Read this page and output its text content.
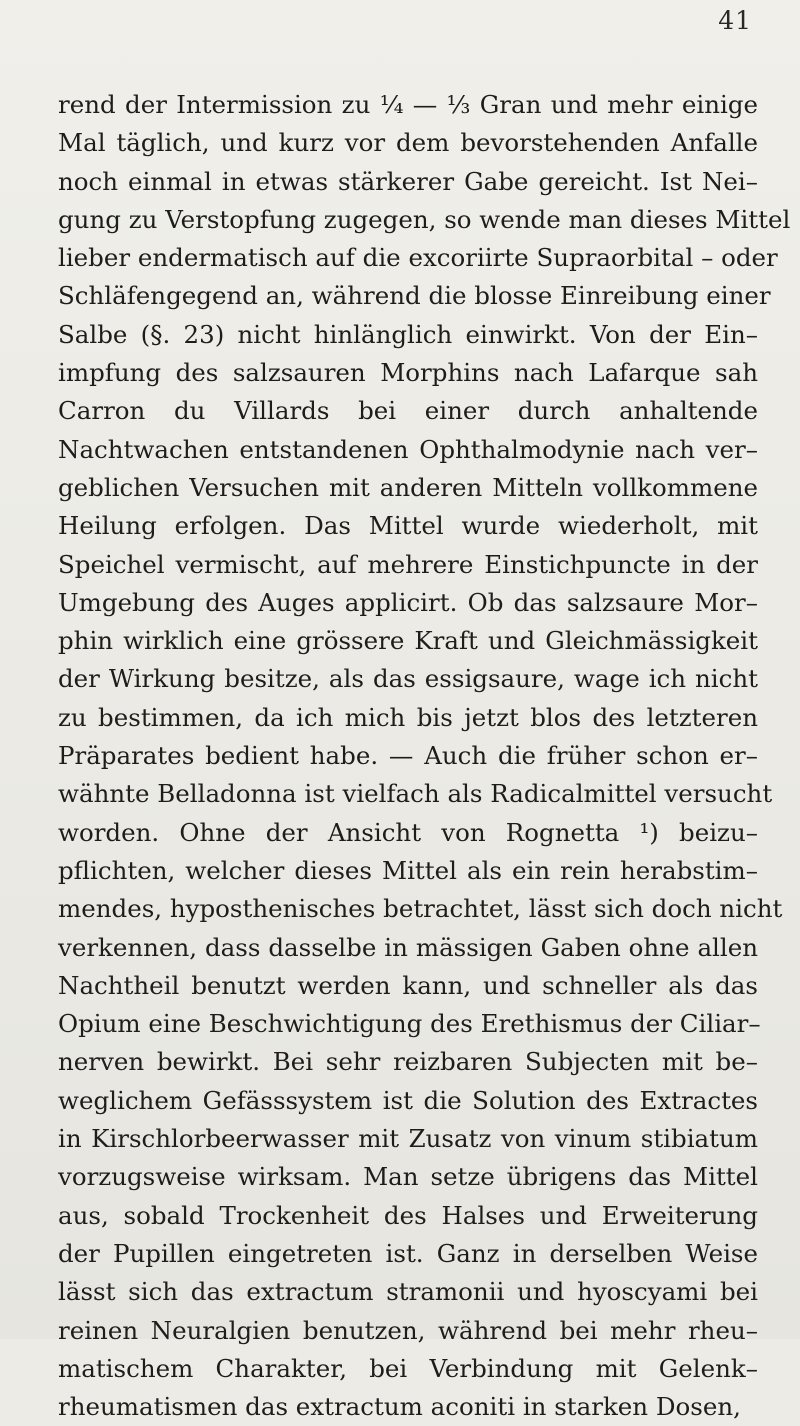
41
rend der Intermission zu ¼ — ⅓ Gran und mehr einige
Mal täglich, und kurz vor dem bevorstehenden Anfalle
noch einmal in etwas stärkerer Gabe gereicht. Ist Nei–
gung zu Verstopfung zugegen, so wende man dieses Mittel
lieber endermatisch auf die excoriirte Supraorbital – oder
Schläfengegend an, während die blosse Einreibung einer
Salbe (§. 23) nicht hinlänglich einwirkt. Von der Ein–
impfung des salzsauren Morphins nach Lafarque sah
Carron du Villards bei einer durch anhaltende
Nachtwachen entstandenen Ophthalmodynie nach ver–
geblichen Versuchen mit anderen Mitteln vollkommene
Heilung erfolgen. Das Mittel wurde wiederholt, mit
Speichel vermischt, auf mehrere Einstichpuncte in der
Umgebung des Auges applicirt. Ob das salzsaure Mor–
phin wirklich eine grössere Kraft und Gleichmässigkeit
der Wirkung besitze, als das essigsaure, wage ich nicht
zu bestimmen, da ich mich bis jetzt blos des letzteren
Präparates bedient habe. — Auch die früher schon er–
wähnte Belladonna ist vielfach als Radicalmittel versucht
worden. Ohne der Ansicht von Rognetta ¹) beizu–
pflichten, welcher dieses Mittel als ein rein herabstim–
mendes, hyposthenisches betrachtet, lässt sich doch nicht
verkennen, dass dasselbe in mässigen Gaben ohne allen
Nachtheil benutzt werden kann, und schneller als das
Opium eine Beschwichtigung des Erethismus der Ciliar–
nerven bewirkt. Bei sehr reizbaren Subjecten mit be–
weglichem Gefässsystem ist die Solution des Extractes
in Kirschlorbeerwasser mit Zusatz von vinum stibiatum
vorzugsweise wirksam. Man setze übrigens das Mittel
aus, sobald Trockenheit des Halses und Erweiterung
der Pupillen eingetreten ist. Ganz in derselben Weise
lässt sich das extractum stramonii und hyoscyami bei
reinen Neuralgien benutzen, während bei mehr rheu–
matischem Charakter, bei Verbindung mit Gelenk–
rheumatismen das extractum aconiti in starken Dosen,
